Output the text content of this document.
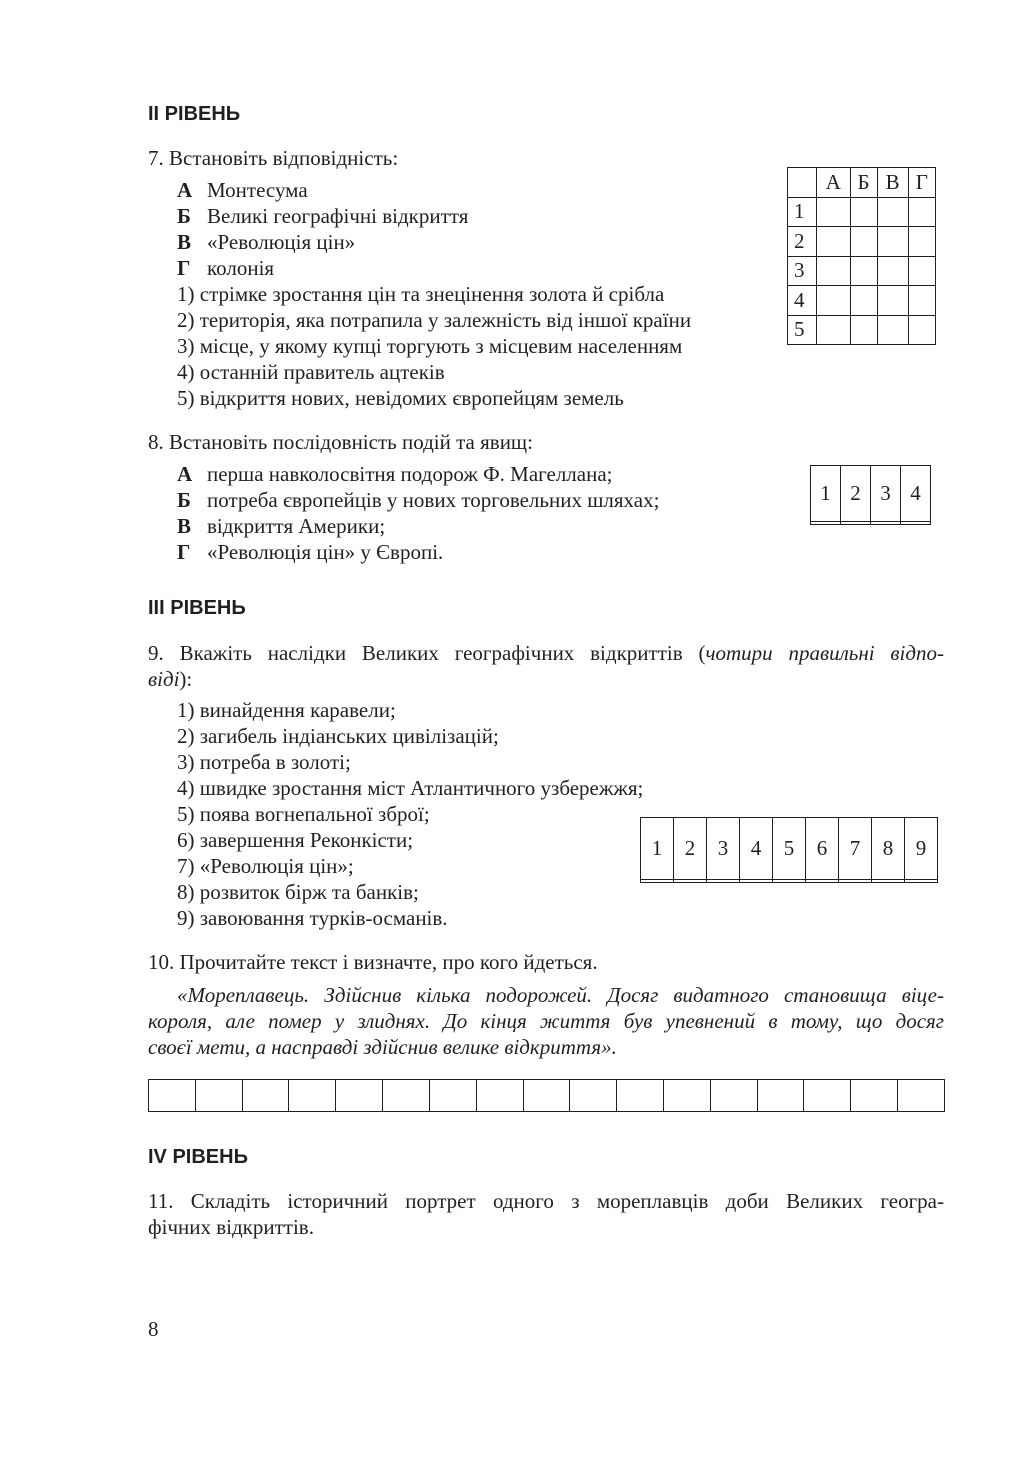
II РІВЕНЬ
7. Встановіть відповідність:
А Монтесума
Б Великі географічні відкриття
В «Революція цін»
Г колонія
1) стрімке зростання цін та знецінення золота й срібла
2) територія, яка потрапила у залежність від іншої країни
3) місце, у якому купці торгують з місцевим населенням
4) останній правитель ацтеків
5) відкриття нових, невідомих європейцям земель
	А	Б	В	Г
1				
2				
3				
4				
5				
8. Встановіть послідовність подій та явищ:
А перша навколосвітня подорож Ф. Магеллана;
Б потреба європейців у нових торговельних шляхах;
В відкриття Америки;
Г «Революція цін» у Європі.
1	2	3	4

III РІВЕНЬ
9. Вкажіть наслідки Великих географічних відкриттів (чотири правильні відпо-
віді):
1) винайдення каравели;
2) загибель індіанських цивілізацій;
3) потреба в золоті;
4) швидке зростання міст Атлантичного узбережжя;
5) поява вогнепальної зброї;
6) завершення Реконкісти;
7) «Революція цін»;
8) розвиток бірж та банків;
9) завоювання турків-османів.
1	2	3	4	5	6	7	8	9

10. Прочитайте текст і визначте, про кого йдеться.
«Мореплавець. Здійснив кілька подорожей. Досяг видатного становища віце-
короля, але помер у злиднях. До кінця життя був упевнений в тому, що досяг
своєї мети, а насправді здійснив велике відкриття».

IV РІВЕНЬ
11. Складіть історичний портрет одного з мореплавців доби Великих геогра-
фічних відкриттів.
8
